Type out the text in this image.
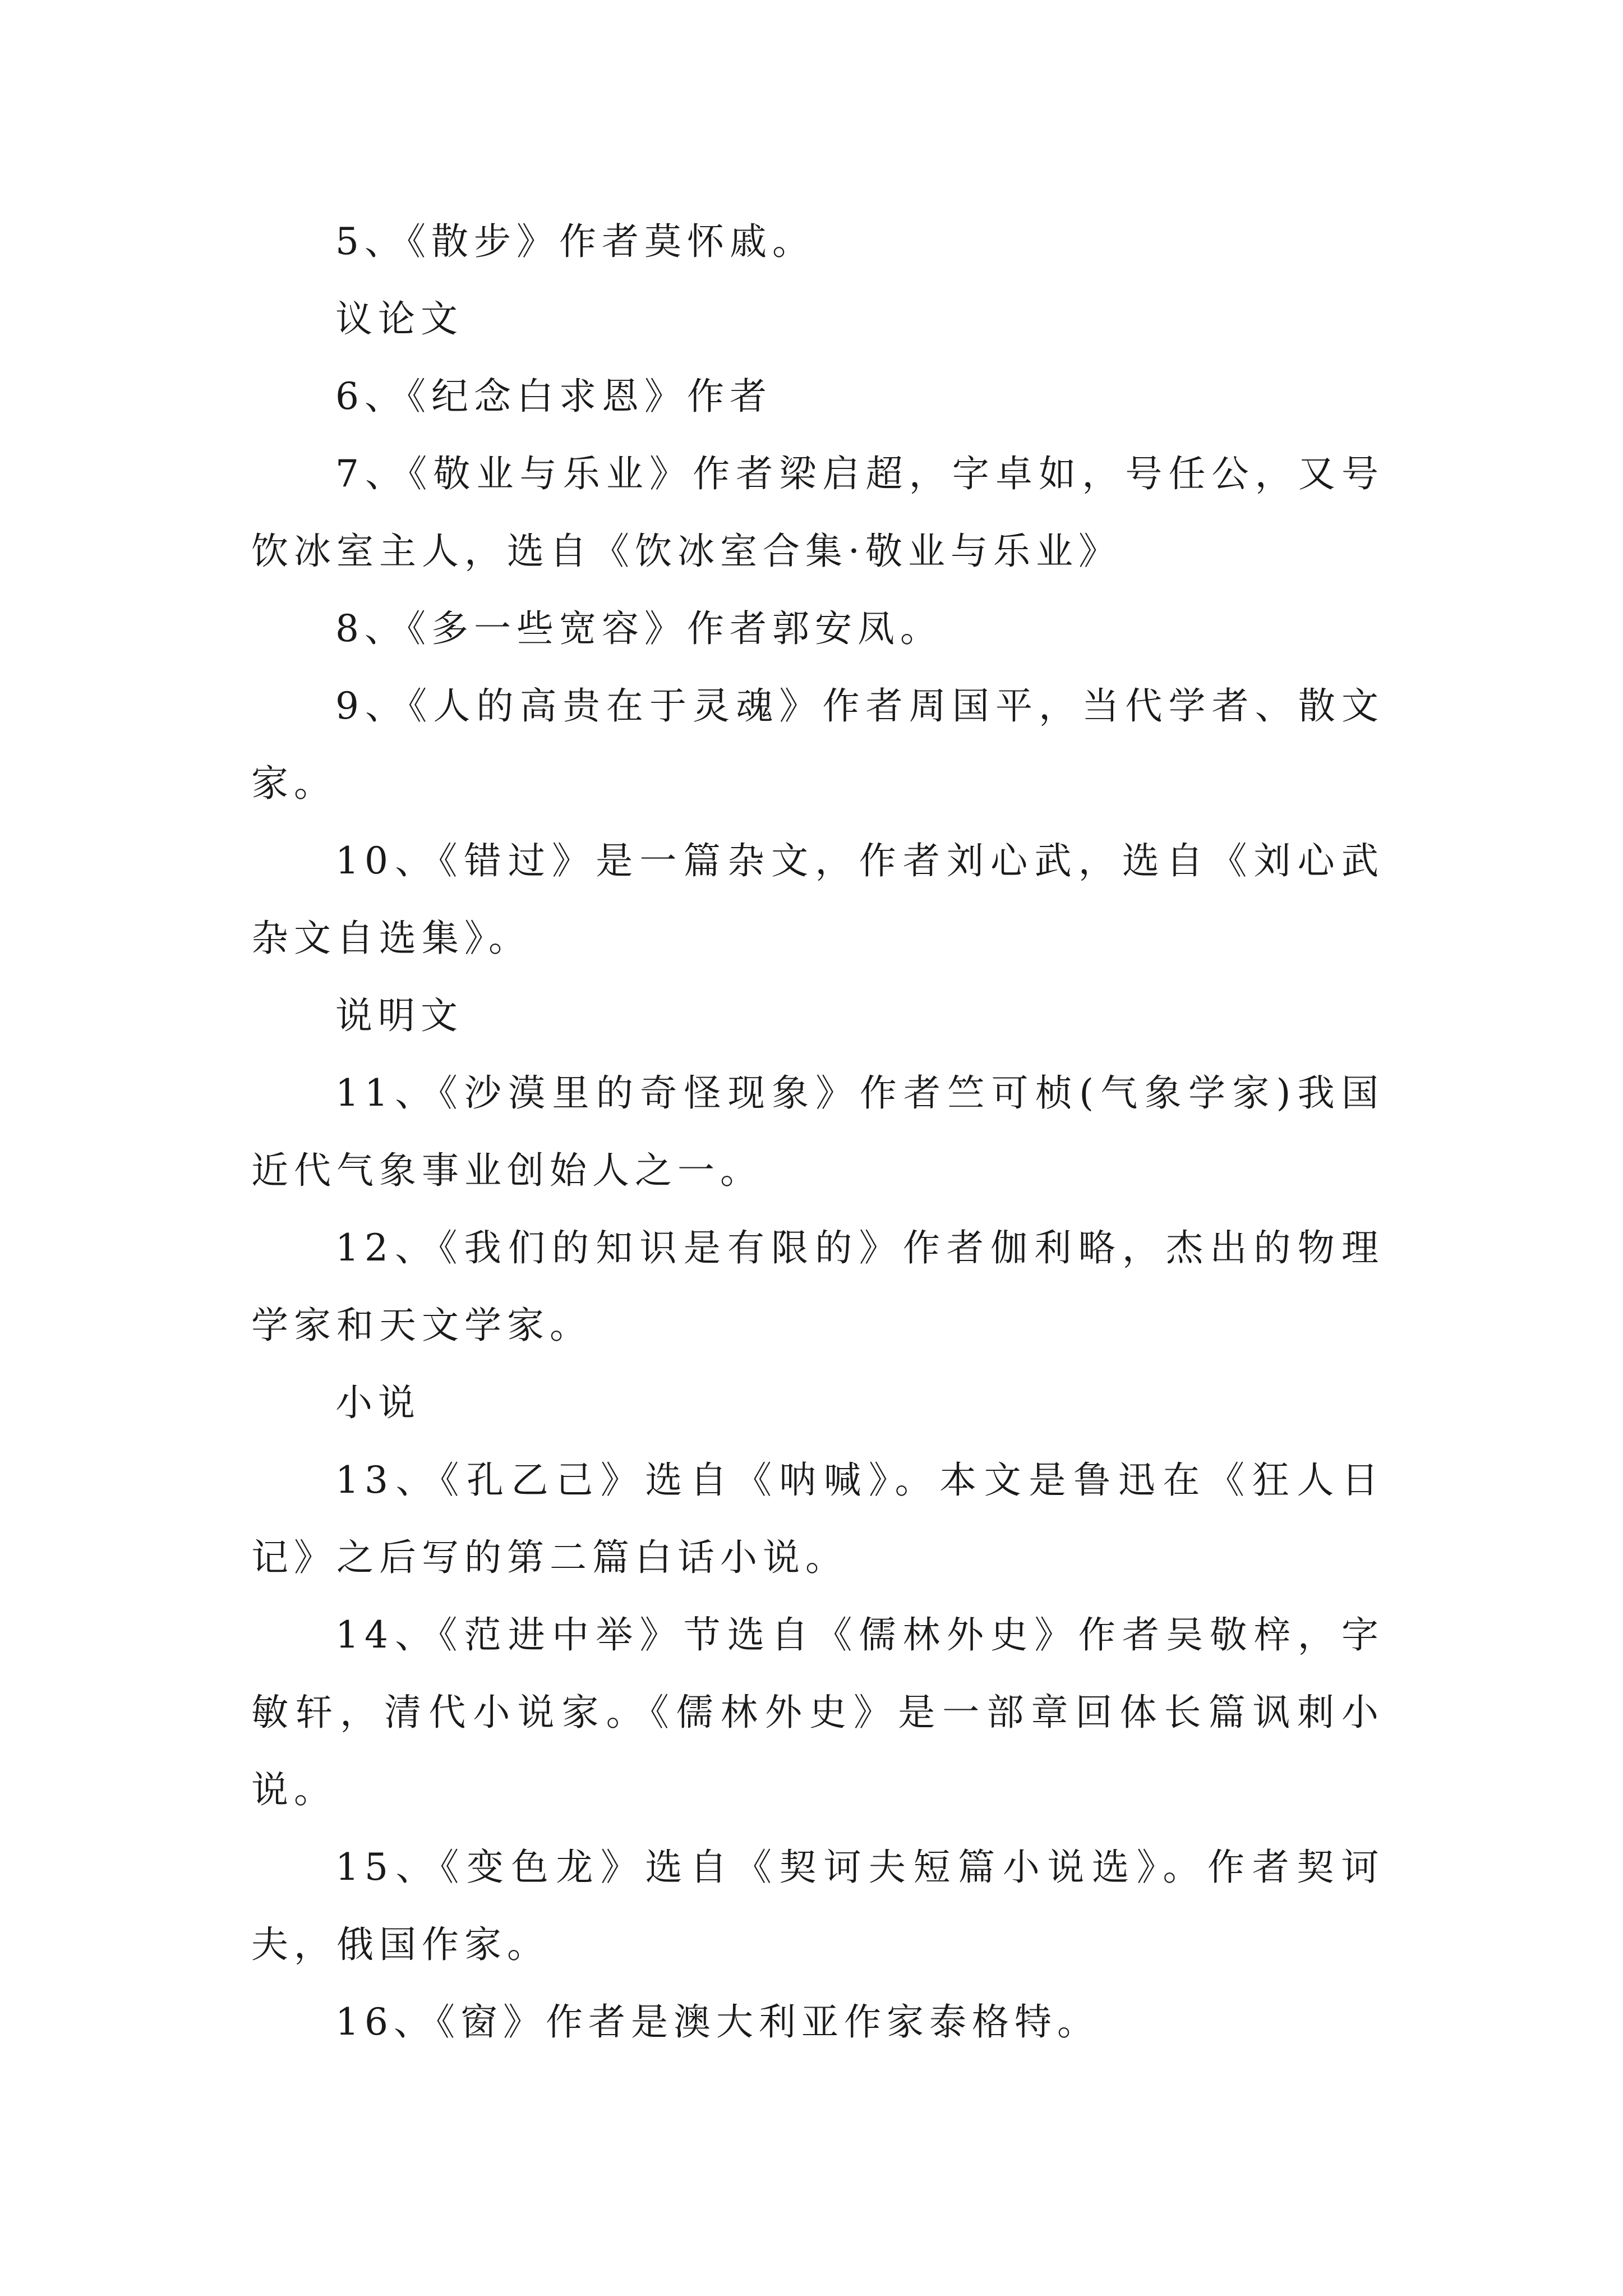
5、《散步》作者莫怀戚。

议论文

6、《纪念白求恩》作者

7、《敬业与乐业》作者梁启超，字卓如，号任公，又号饮冰室主人，选自《饮冰室合集·敬业与乐业》

8、《多一些宽容》作者郭安凤。

9、《人的高贵在于灵魂》作者周国平，当代学者、散文家。

10、《错过》是一篇杂文，作者刘心武，选自《刘心武杂文自选集》。

说明文

11、《沙漠里的奇怪现象》作者竺可桢(气象学家)我国近代气象事业创始人之一。

12、《我们的知识是有限的》作者伽利略，杰出的物理学家和天文学家。

小说

13、《孔乙己》选自《呐喊》。本文是鲁迅在《狂人日记》之后写的第二篇白话小说。

14、《范进中举》节选自《儒林外史》作者吴敬梓，字敏轩，清代小说家。《儒林外史》是一部章回体长篇讽刺小说。

15、《变色龙》选自《契诃夫短篇小说选》。作者契诃夫，俄国作家。

16、《窗》作者是澳大利亚作家泰格特。
